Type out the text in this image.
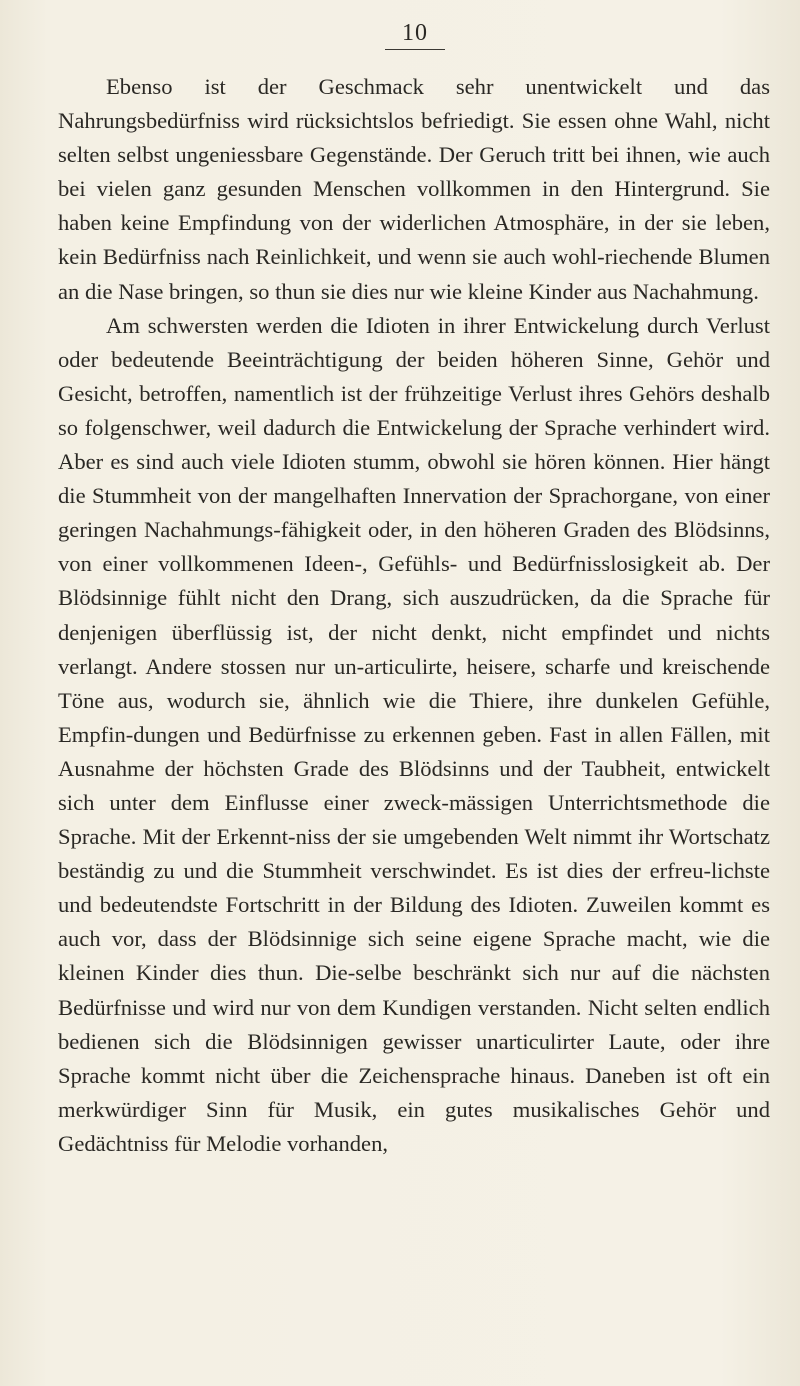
10

Ebenso ist der Geschmack sehr unentwickelt und das Nahrungsbedürfniss wird rücksichtslos befriedigt. Sie essen ohne Wahl, nicht selten selbst ungeniessbare Gegenstände. Der Geruch tritt bei ihnen, wie auch bei vielen ganz gesunden Menschen vollkommen in den Hintergrund. Sie haben keine Empfindung von der widerlichen Atmosphäre, in der sie leben, kein Bedürfniss nach Reinlichkeit, und wenn sie auch wohl-riechende Blumen an die Nase bringen, so thun sie dies nur wie kleine Kinder aus Nachahmung.

Am schwersten werden die Idioten in ihrer Entwickelung durch Verlust oder bedeutende Beeinträchtigung der beiden höheren Sinne, Gehör und Gesicht, betroffen, namentlich ist der frühzeitige Verlust ihres Gehörs deshalb so folgenschwer, weil dadurch die Entwickelung der Sprache verhindert wird. Aber es sind auch viele Idioten stumm, obwohl sie hören können. Hier hängt die Stummheit von der mangelhaften Innervation der Sprachorgane, von einer geringen Nachahmungs-fähigkeit oder, in den höheren Graden des Blödsinns, von einer vollkommenen Ideen-, Gefühls- und Bedürfnisslosigkeit ab. Der Blödsinnige fühlt nicht den Drang, sich auszudrücken, da die Sprache für denjenigen überflüssig ist, der nicht denkt, nicht empfindet und nichts verlangt. Andere stossen nur un-articulirte, heisere, scharfe und kreischende Töne aus, wodurch sie, ähnlich wie die Thiere, ihre dunkelen Gefühle, Empfin-dungen und Bedürfnisse zu erkennen geben. Fast in allen Fällen, mit Ausnahme der höchsten Grade des Blödsinns und der Taubheit, entwickelt sich unter dem Einflusse einer zweck-mässigen Unterrichtsmethode die Sprache. Mit der Erkennt-niss der sie umgebenden Welt nimmt ihr Wortschatz beständig zu und die Stummheit verschwindet. Es ist dies der erfreu-lichste und bedeutendste Fortschritt in der Bildung des Idioten. Zuweilen kommt es auch vor, dass der Blödsinnige sich seine eigene Sprache macht, wie die kleinen Kinder dies thun. Die-selbe beschränkt sich nur auf die nächsten Bedürfnisse und wird nur von dem Kundigen verstanden. Nicht selten endlich bedienen sich die Blödsinnigen gewisser unarticulirter Laute, oder ihre Sprache kommt nicht über die Zeichensprache hinaus. Daneben ist oft ein merkwürdiger Sinn für Musik, ein gutes musikalisches Gehör und Gedächtniss für Melodie vorhanden,
